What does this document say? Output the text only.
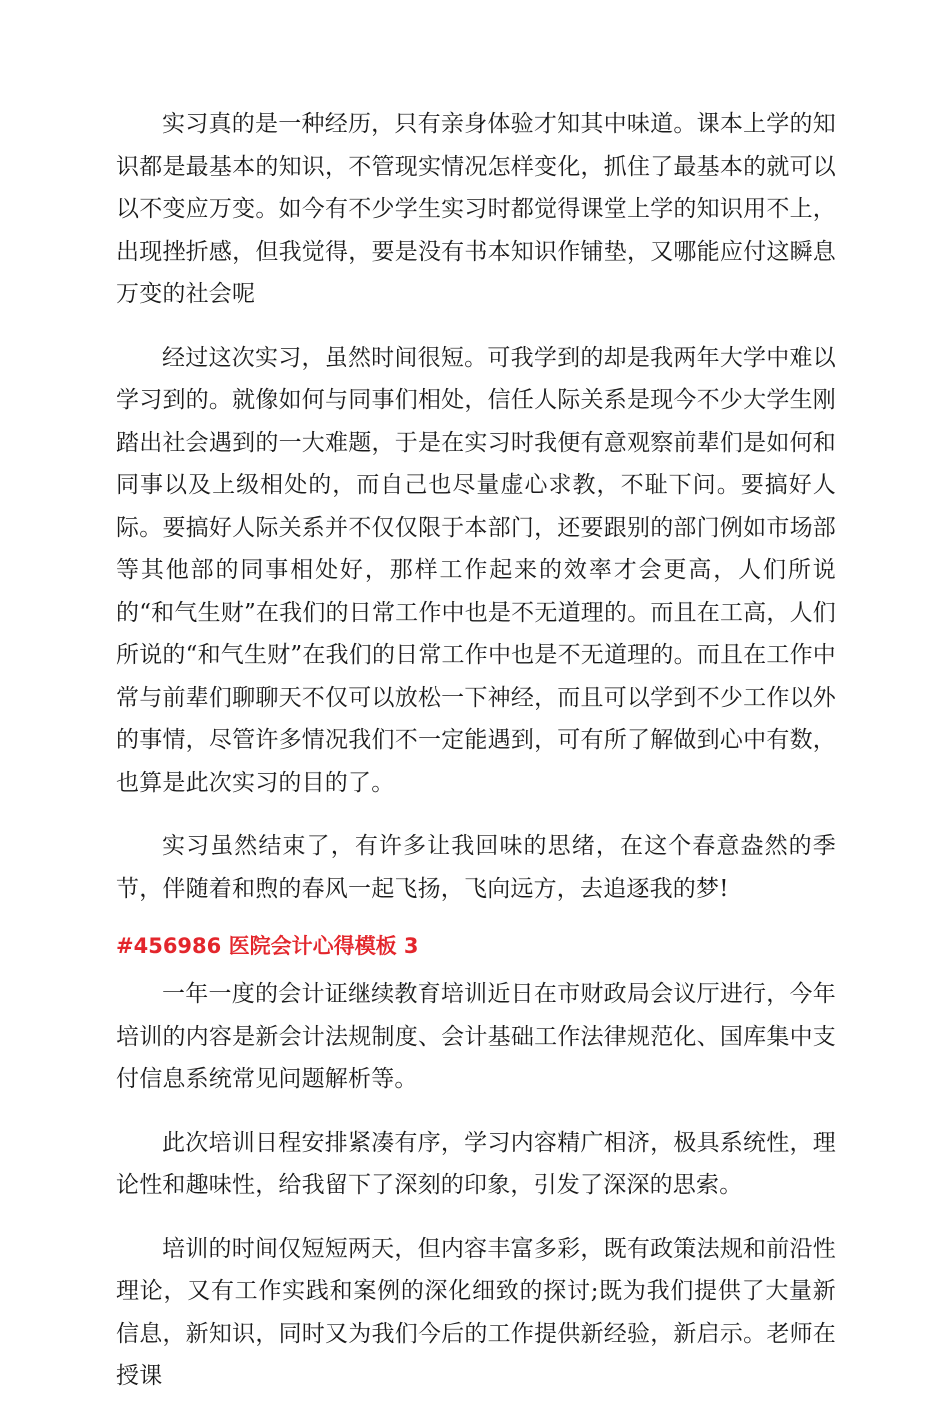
实习真的是一种经历，只有亲身体验才知其中味道。课本上学的知识都是最基本的知识，不管现实情况怎样变化，抓住了最基本的就可以以不变应万变。如今有不少学生实习时都觉得课堂上学的知识用不上，出现挫折感，但我觉得，要是没有书本知识作铺垫，又哪能应付这瞬息万变的社会呢

经过这次实习，虽然时间很短。可我学到的却是我两年大学中难以学习到的。就像如何与同事们相处，信任人际关系是现今不少大学生刚踏出社会遇到的一大难题，于是在实习时我便有意观察前辈们是如何和同事以及上级相处的，而自己也尽量虚心求教，不耻下问。要搞好人际。要搞好人际关系并不仅仅限于本部门，还要跟别的部门例如市场部等其他部的同事相处好，那样工作起来的效率才会更高，人们所说的“和气生财”在我们的日常工作中也是不无道理的。而且在工高，人们所说的“和气生财”在我们的日常工作中也是不无道理的。而且在工作中常与前辈们聊聊天不仅可以放松一下神经，而且可以学到不少工作以外的事情，尽管许多情况我们不一定能遇到，可有所了解做到心中有数，也算是此次实习的目的了。

实习虽然结束了，有许多让我回味的思绪，在这个春意盎然的季节，伴随着和煦的春风一起飞扬，飞向远方，去追逐我的梦!

#456986 医院会计心得模板 3

一年一度的会计证继续教育培训近日在市财政局会议厅进行，今年培训的内容是新会计法规制度、会计基础工作法律规范化、国库集中支付信息系统常见问题解析等。

此次培训日程安排紧凑有序，学习内容精广相济，极具系统性，理论性和趣味性，给我留下了深刻的印象，引发了深深的思索。

培训的时间仅短短两天，但内容丰富多彩，既有政策法规和前沿性理论，又有工作实践和案例的深化细致的探讨;既为我们提供了大量新信息，新知识，同时又为我们今后的工作提供新经验，新启示。老师在授课
